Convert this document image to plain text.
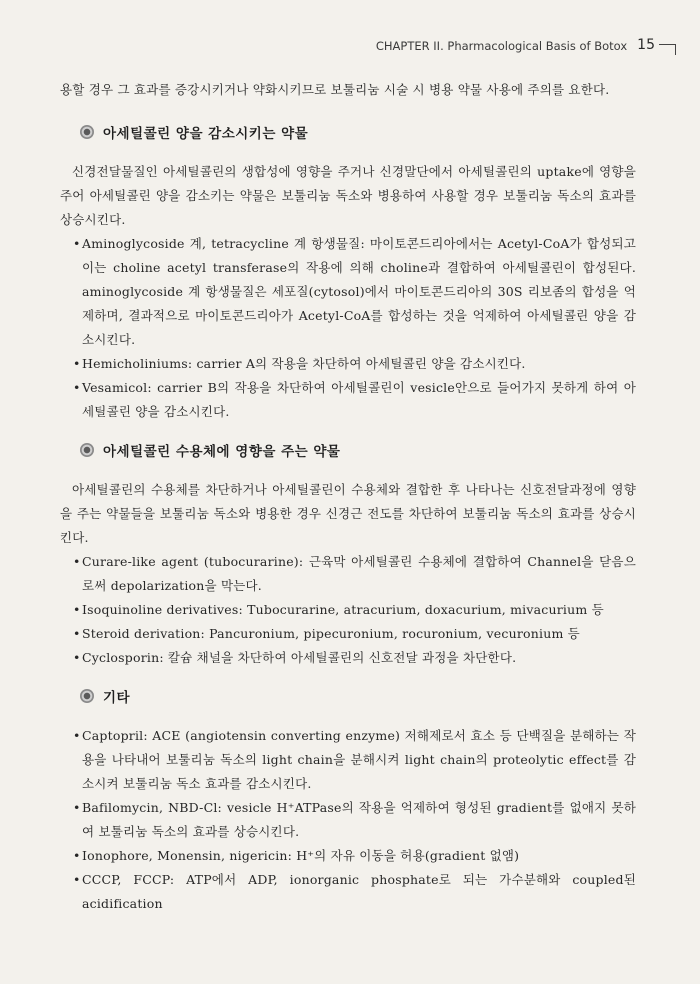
CHAPTER II. Pharmacological Basis of Botox 15

용할 경우 그 효과를 증강시키거나 약화시키므로 보툴리눔 시술 시 병용 약물 사용에 주의를 요한다.

아세틸콜린 양을 감소시키는 약물

신경전달물질인 아세틸콜린의 생합성에 영향을 주거나 신경말단에서 아세틸콜린의 uptake에 영향을 주어 아세틸콜린 양을 감소키는 약물은 보툴리눔 독소와 병용하여 사용할 경우 보툴리눔 독소의 효과를 상승시킨다.

• Aminoglycoside 계, tetracycline 계 항생물질: 마이토콘드리아에서는 Acetyl-CoA가 합성되고 이는 choline acetyl transferase의 작용에 의해 choline과 결합하여 아세틸콜린이 합성된다. aminoglycoside 계 항생물질은 세포질(cytosol)에서 마이토콘드리아의 30S 리보좀의 합성을 억제하며, 결과적으로 마이토콘드리아가 Acetyl-CoA를 합성하는 것을 억제하여 아세틸콜린 양을 감소시킨다.
• Hemicholiniums: carrier A의 작용을 차단하여 아세틸콜린 양을 감소시킨다.
• Vesamicol: carrier B의 작용을 차단하여 아세틸콜린이 vesicle안으로 들어가지 못하게 하여 아세틸콜린 양을 감소시킨다.
아세틸콜린 수용체에 영향을 주는 약물

아세틸콜린의 수용체를 차단하거나 아세틸콜린이 수용체와 결합한 후 나타나는 신호전달과정에 영향을 주는 약물들을 보툴리눔 독소와 병용한 경우 신경근 전도를 차단하여 보툴리눔 독소의 효과를 상승시킨다.

• Curare-like agent (tubocurarine): 근육막 아세틸콜린 수용체에 결합하여 Channel을 닫음으로써 depolarization을 막는다.
• Isoquinoline derivatives: Tubocurarine, atracurium, doxacurium, mivacurium 등
• Steroid derivation: Pancuronium, pipecuronium, rocuronium, vecuronium 등
• Cyclosporin: 칼슘 채널을 차단하여 아세틸콜린의 신호전달 과정을 차단한다.
기타
• Captopril: ACE (angiotensin converting enzyme) 저해제로서 효소 등 단백질을 분해하는 작용을 나타내어 보툴리눔 독소의 light chain을 분해시켜 light chain의 proteolytic effect를 감소시켜 보툴리눔 독소 효과를 감소시킨다.
• Bafilomycin, NBD-Cl: vesicle H⁺ATPase의 작용을 억제하여 형성된 gradient를 없애지 못하여 보툴리눔 독소의 효과를 상승시킨다.
• Ionophore, Monensin, nigericin: H⁺의 자유 이동을 허용(gradient 없앰)
• CCCP, FCCP: ATP에서 ADP, ionorganic phosphate로 되는 가수분해와 coupled된 acidification
